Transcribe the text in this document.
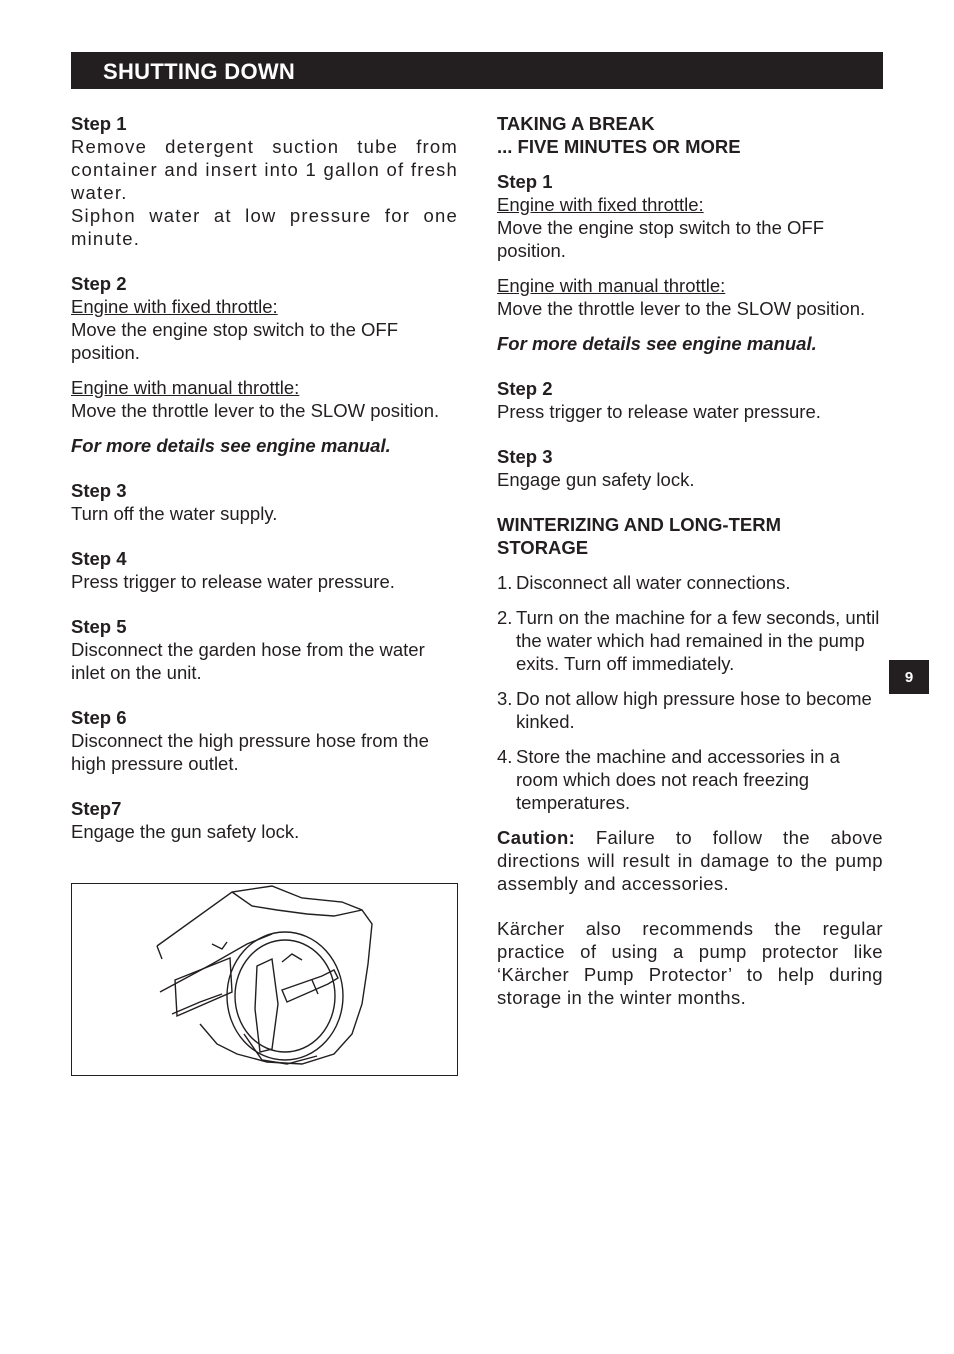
SHUTTING DOWN
Step 1
Remove detergent suction tube from container and insert into 1 gallon of fresh water.
Siphon water at low pressure for one minute.
Step 2
Engine with fixed throttle:
Move the engine stop switch to the OFF position.
Engine with manual throttle:
Move the throttle lever to the SLOW position.
For more details see engine manual.
Step 3
Turn off the water supply.
Step 4
Press trigger to release water pressure.
Step 5
Disconnect the garden hose from the water inlet on the unit.
Step 6
Disconnect the high pressure hose from the high pressure outlet.
Step7
Engage the gun safety lock.
TAKING A BREAK
... FIVE MINUTES OR MORE
Step 1
Engine with fixed throttle:
Move the engine stop switch to the OFF position.
Engine with manual throttle:
Move the throttle lever to the SLOW position.
For more details see engine manual.
Step 2
Press trigger to release water pressure.
Step 3
Engage gun safety lock.
WINTERIZING AND LONG-TERM
STORAGE
1. Disconnect all water connections.
2. Turn on the machine for a few seconds, until the water which had remained in the pump exits. Turn off immediately.
3. Do not allow high pressure hose to become kinked.
4. Store the machine and accessories in a room which does not reach freezing temperatures.
Caution: Failure to follow the above directions will result in damage to the pump assembly and accessories.
Kärcher also recommends the regular practice of using a pump protector like ‘Kärcher Pump Protector’ to help during storage in the winter months.
9
